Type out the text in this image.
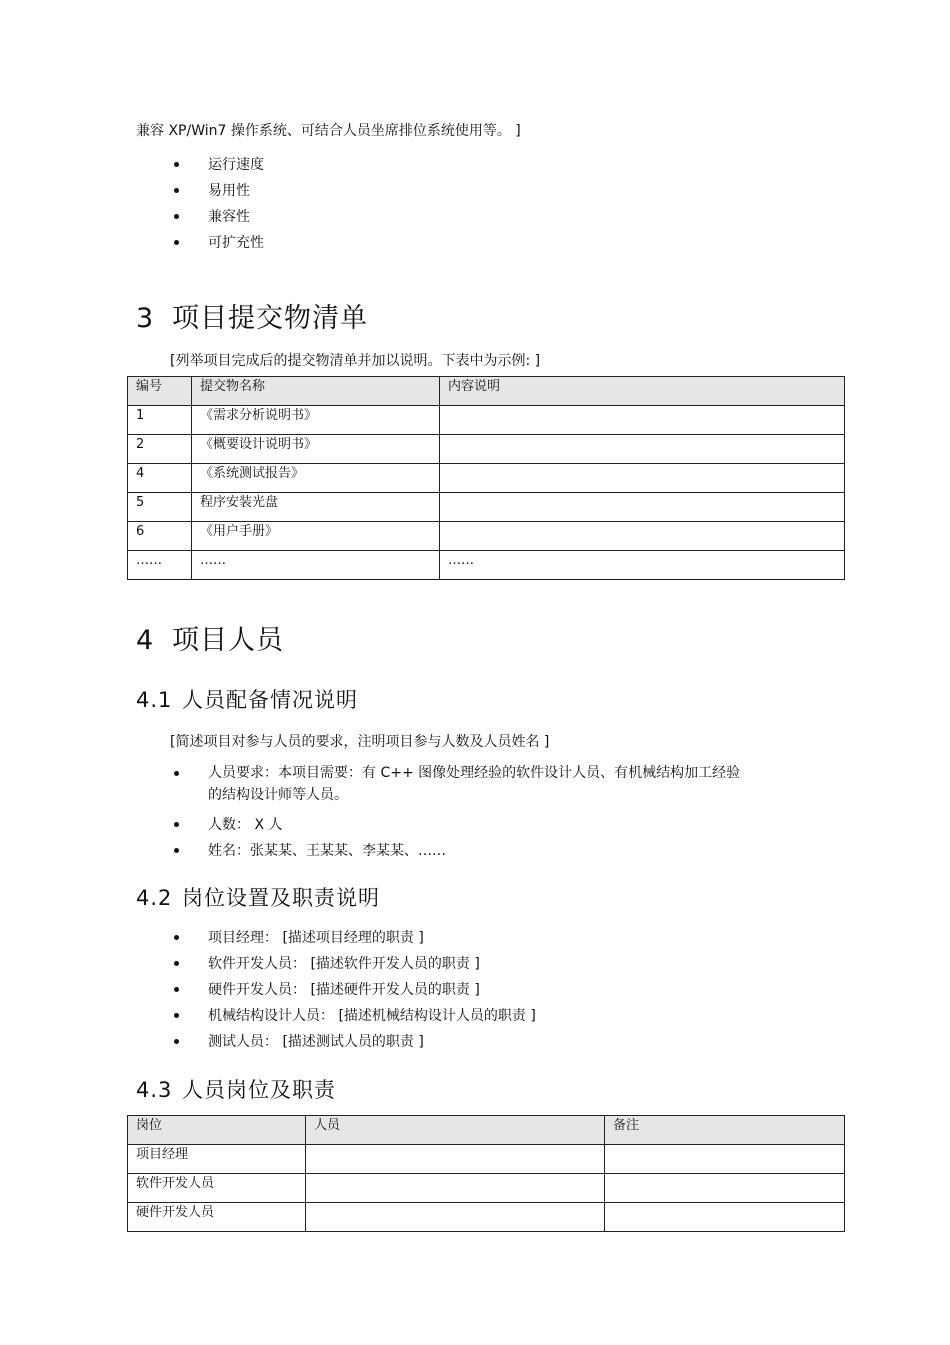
兼容 XP/Win7 操作系统、可结合人员坐席排位系统使用等。 ]
运行速度
易用性
兼容性
可扩充性
3 项目提交物清单
[列举项目完成后的提交物清单并加以说明。下表中为示例: ]
编号	提交物名称	内容说明
1	《需求分析说明书》	
2	《概要设计说明书》	
4	《系统测试报告》	
5	程序安装光盘	
6	《用户手册》	
……	……	……
4 项目人员
4.1 人员配备情况说明
[简述项目对参与人员的要求，注明项目参与人数及人员姓名 ]
人员要求：本项目需要：有 C++ 图像处理经验的软件设计人员、有机械结构加工经验
的结构设计师等人员。
人数： X 人
姓名：张某某、王某某、李某某、……
4.2 岗位设置及职责说明
项目经理： [描述项目经理的职责 ]
软件开发人员： [描述软件开发人员的职责 ]
硬件开发人员： [描述硬件开发人员的职责 ]
机械结构设计人员： [描述机械结构设计人员的职责 ]
测试人员： [描述测试人员的职责 ]
4.3 人员岗位及职责
岗位	人员	备注
项目经理		
软件开发人员		
硬件开发人员		
